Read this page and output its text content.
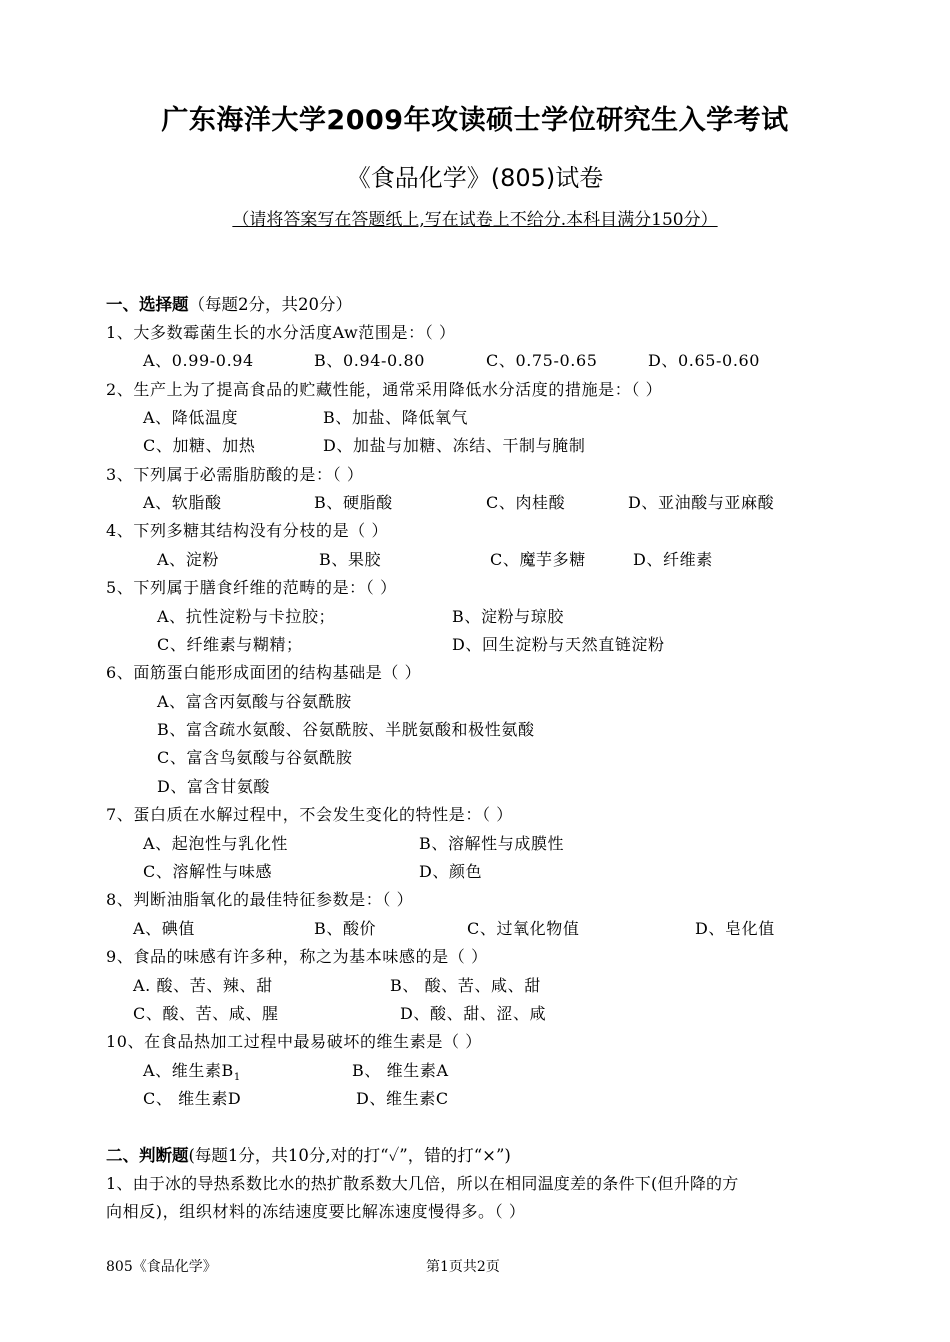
广东海洋大学2009年攻读硕士学位研究生入学考试
《食品化学》(805)试卷
（请将答案写在答题纸上,写在试卷上不给分.本科目满分150分）
一、选择题（每题2分，共20分）
1、大多数霉菌生长的水分活度Aw范围是：（ ）
A、0.99-0.94	B、0.94-0.80	C、0.75-0.65	D、0.65-0.60
2、生产上为了提高食品的贮藏性能，通常采用降低水分活度的措施是：（ ）
A、降低温度	B、加盐、降低氧气
C、加糖、加热	D、加盐与加糖、冻结、干制与腌制
3、下列属于必需脂肪酸的是：（ ）
A、软脂酸	B、硬脂酸	C、肉桂酸	D、亚油酸与亚麻酸
4、下列多糖其结构没有分枝的是（ ）
A、淀粉	B、果胶	C、魔芋多糖	D、纤维素
5、下列属于膳食纤维的范畴的是：（ ）
A、抗性淀粉与卡拉胶；	B、淀粉与琼胶
C、纤维素与糊精；	D、回生淀粉与天然直链淀粉
6、面筋蛋白能形成面团的结构基础是（ ）
A、富含丙氨酸与谷氨酰胺
B、富含疏水氨酸、谷氨酰胺、半胱氨酸和极性氨酸
C、富含鸟氨酸与谷氨酰胺
D、富含甘氨酸
7、蛋白质在水解过程中，不会发生变化的特性是：（ ）
A、起泡性与乳化性	B、溶解性与成膜性
C、溶解性与味感	D、颜色
8、判断油脂氧化的最佳特征参数是：（ ）
A、碘值	B、酸价	C、过氧化物值	D、皂化值
9、食品的味感有许多种，称之为基本味感的是（ ）
A. 酸、苦、辣、甜	B、 酸、苦、咸、甜
C、酸、苦、咸、腥	D、酸、甜、涩、咸
10、在食品热加工过程中最易破坏的维生素是（ ）
A、维生素$B_1$	B、 维生素A
C、 维生素D	D、维生素C
二、判断题(每题1分，共10分,对的打“✓”，错的打“×”)
1、由于冰的导热系数比水的热扩散系数大几倍，所以在相同温度差的条件下(但升降的方
向相反)，组织材料的冻结速度要比解冻速度慢得多。（ ）
805《食品化学》	第1页共2页
